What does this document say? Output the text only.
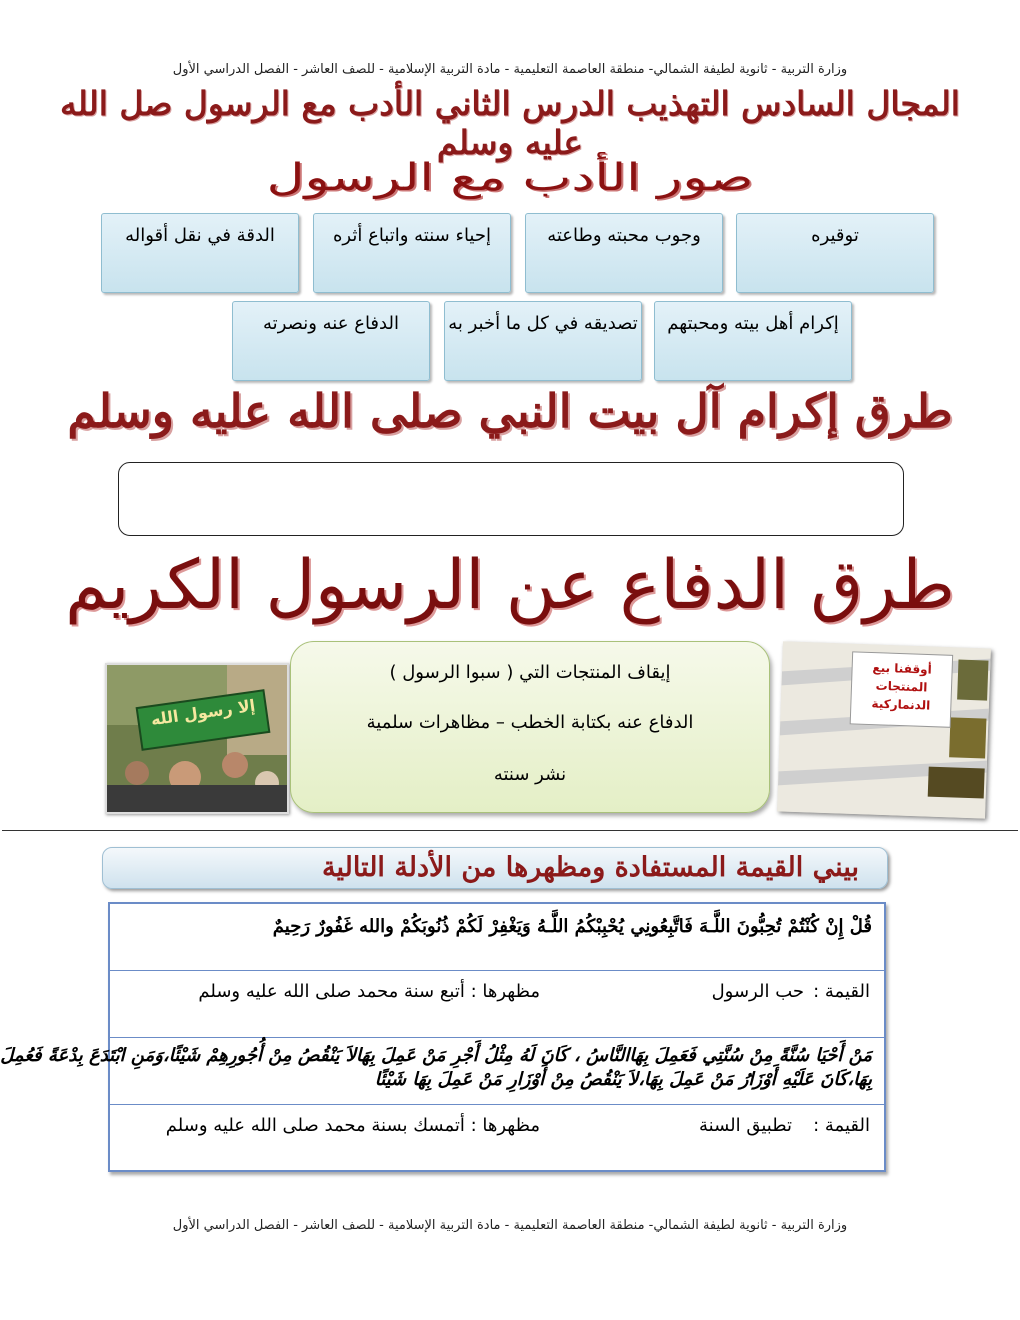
وزارة التربية - ثانوية لطيفة الشمالي- منطقة العاصمة التعليمية - مادة التربية الإسلامية - للصف العاشر - الفصل الدراسي الأول
المجال السادس التهذيب الدرس الثاني الأدب مع الرسول صل الله عليه وسلم
صور الأدب مع الرسول
توقيره
وجوب محبته وطاعته
إحياء سنته واتباع أثره
الدقة في نقل أقواله
إكرام أهل بيته ومحبتهم
تصديقه في كل ما أخبر به
الدفاع عنه ونصرته
طرق إكرام آل بيت النبي صلى الله عليه وسلم
طرق الدفاع عن الرسول الكريم
إلا رسول الله
إيقاف المنتجات التي ( سبوا الرسول )
الدفاع عنه بكتابة الخطب – مظاهرات سلمية
نشر سنته
أوقفنا بيع المنتجات الدنماركية
بيني القيمة المستفادة ومظهرها من الأدلة التالية
قُلْ إِنْ كُنْتُمْ تُحِبُّونَ اللَّـهَ فَاتَّبِعُونِي يُحْبِبْكُمُ اللَّـهُ وَيَغْفِرْ لَكُمْ ذُنُوبَكُمْ والله غَفُورٌ رَحِيمٌ
القيمة :
حب الرسول
مظهرها : أتبع سنة محمد صلى الله عليه وسلم
مَنْ أَحْيَا سُنَّةً مِنْ سُنَّتِي فَعَمِلَ بِهَاالنَّاسُ ، كَانَ لَهُ مِثْلُ أَجْرِ مَنْ عَمِلَ بِهَالاَ يَنْقُصُ مِنْ أُجُورِهِمْ شَيْئًا،وَمَنِ ابْتَدَعَ بِدْعَةً فَعُمِلَ
بِهَا،كَانَ عَلَيْهِ أَوْزَارُ مَنْ عَمِلَ بِهَا،لاَ يَنْقُصُ مِنْ أَوْزَارِ مَنْ عَمِلَ بِهَا شَيْئًا
القيمة :
تطبيق السنة
مظهرها : أتمسك بسنة محمد صلى الله عليه وسلم
وزارة التربية - ثانوية لطيفة الشمالي- منطقة العاصمة التعليمية - مادة التربية الإسلامية - للصف العاشر - الفصل الدراسي الأول
